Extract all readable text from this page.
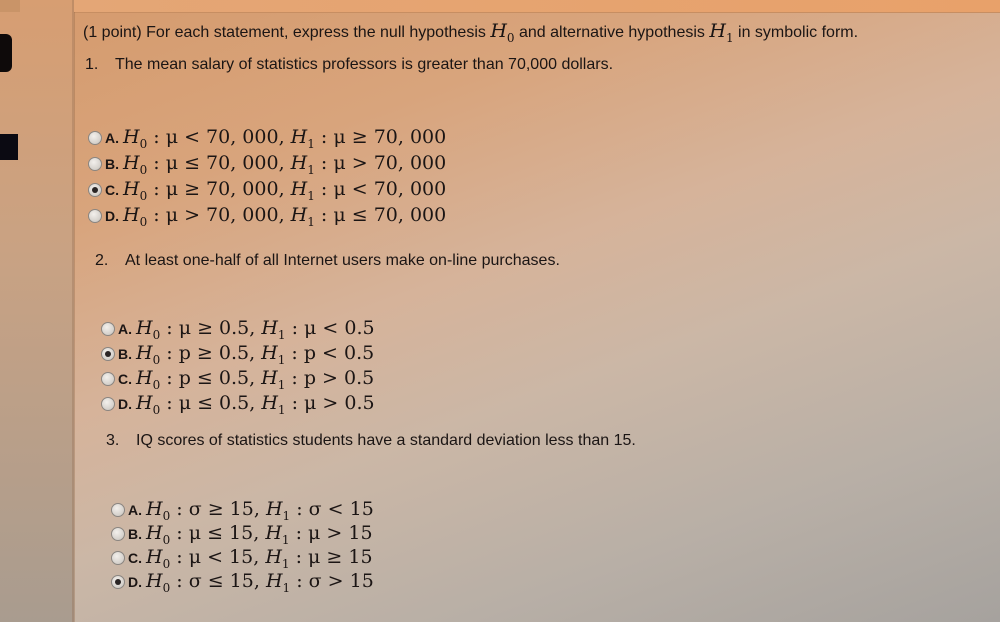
(1 point) For each statement, express the null hypothesis $H_0$ and alternative hypothesis $H_1$ in symbolic form.
1. The mean salary of statistics professors is greater than 70,000 dollars.
A. $H_0$ : μ < 70, 000, $H_1$ : μ ≥ 70, 000
B. $H_0$ : μ ≤ 70, 000, $H_1$ : μ > 70, 000
C. $H_0$ : μ ≥ 70, 000, $H_1$ : μ < 70, 000
D. $H_0$ : μ > 70, 000, $H_1$ : μ ≤ 70, 000
2. At least one-half of all Internet users make on-line purchases.
A. $H_0$ : μ ≥ 0.5, $H_1$ : μ < 0.5
B. $H_0$ : p ≥ 0.5, $H_1$ : p < 0.5
C. $H_0$ : p ≤ 0.5, $H_1$ : p > 0.5
D. $H_0$ : μ ≤ 0.5, $H_1$ : μ > 0.5
3. IQ scores of statistics students have a standard deviation less than 15.
A. $H_0$ : σ ≥ 15, $H_1$ : σ < 15
B. $H_0$ : μ ≤ 15, $H_1$ : μ > 15
C. $H_0$ : μ < 15, $H_1$ : μ ≥ 15
D. $H_0$ : σ ≤ 15, $H_1$ : σ > 15
